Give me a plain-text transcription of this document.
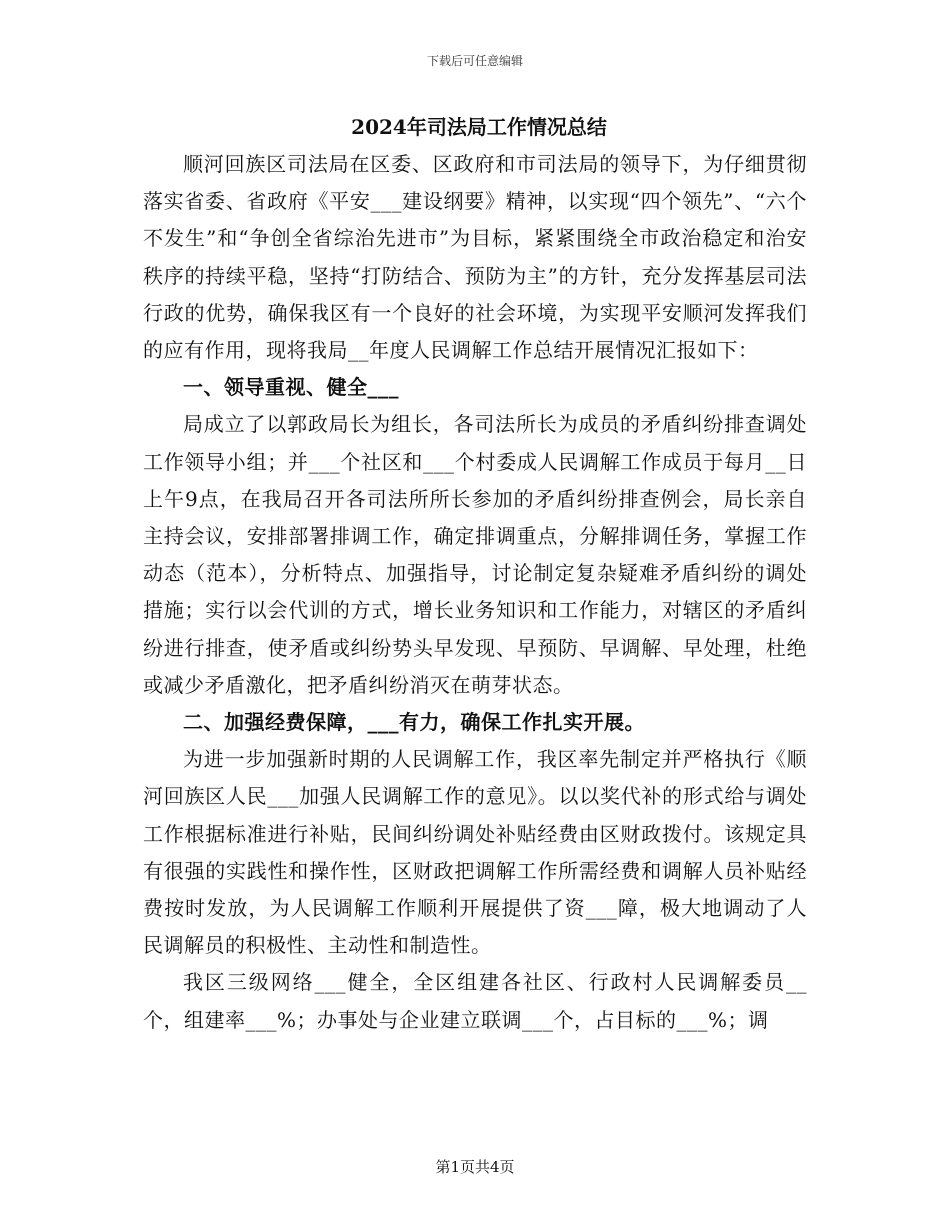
下载后可任意编辑
2024年司法局工作情况总结

顺河回族区司法局在区委、区政府和市司法局的领导下，为仔细贯彻落实省委、省政府《平安___建设纲要》精神，以实现“四个领先”、“六个不发生”和“争创全省综治先进市”为目标，紧紧围绕全市政治稳定和治安秩序的持续平稳，坚持“打防结合、预防为主”的方针，充分发挥基层司法行政的优势，确保我区有一个良好的社会环境，为实现平安顺河发挥我们的应有作用，现将我局__年度人民调解工作总结开展情况汇报如下：

一、领导重视、健全___

局成立了以郭政局长为组长，各司法所长为成员的矛盾纠纷排查调处工作领导小组；并___个社区和___个村委成人民调解工作成员于每月__日上午9点，在我局召开各司法所所长参加的矛盾纠纷排查例会，局长亲自主持会议，安排部署排调工作，确定排调重点，分解排调任务，掌握工作动态（范本），分析特点、加强指导，讨论制定复杂疑难矛盾纠纷的调处措施；实行以会代训的方式，增长业务知识和工作能力，对辖区的矛盾纠纷进行排查，使矛盾或纠纷势头早发现、早预防、早调解、早处理，杜绝或减少矛盾激化，把矛盾纠纷消灭在萌芽状态。

二、加强经费保障，___有力，确保工作扎实开展。

为进一步加强新时期的人民调解工作，我区率先制定并严格执行《顺河回族区人民___加强人民调解工作的意见》。以以奖代补的形式给与调处工作根据标准进行补贴，民间纠纷调处补贴经费由区财政拨付。该规定具有很强的实践性和操作性，区财政把调解工作所需经费和调解人员补贴经费按时发放，为人民调解工作顺利开展提供了资___障，极大地调动了人民调解员的积极性、主动性和制造性。

我区三级网络___健全，全区组建各社区、行政村人民调解委员__个，组建率___%；办事处与企业建立联调___个，占目标的___%；调

第1页共4页
